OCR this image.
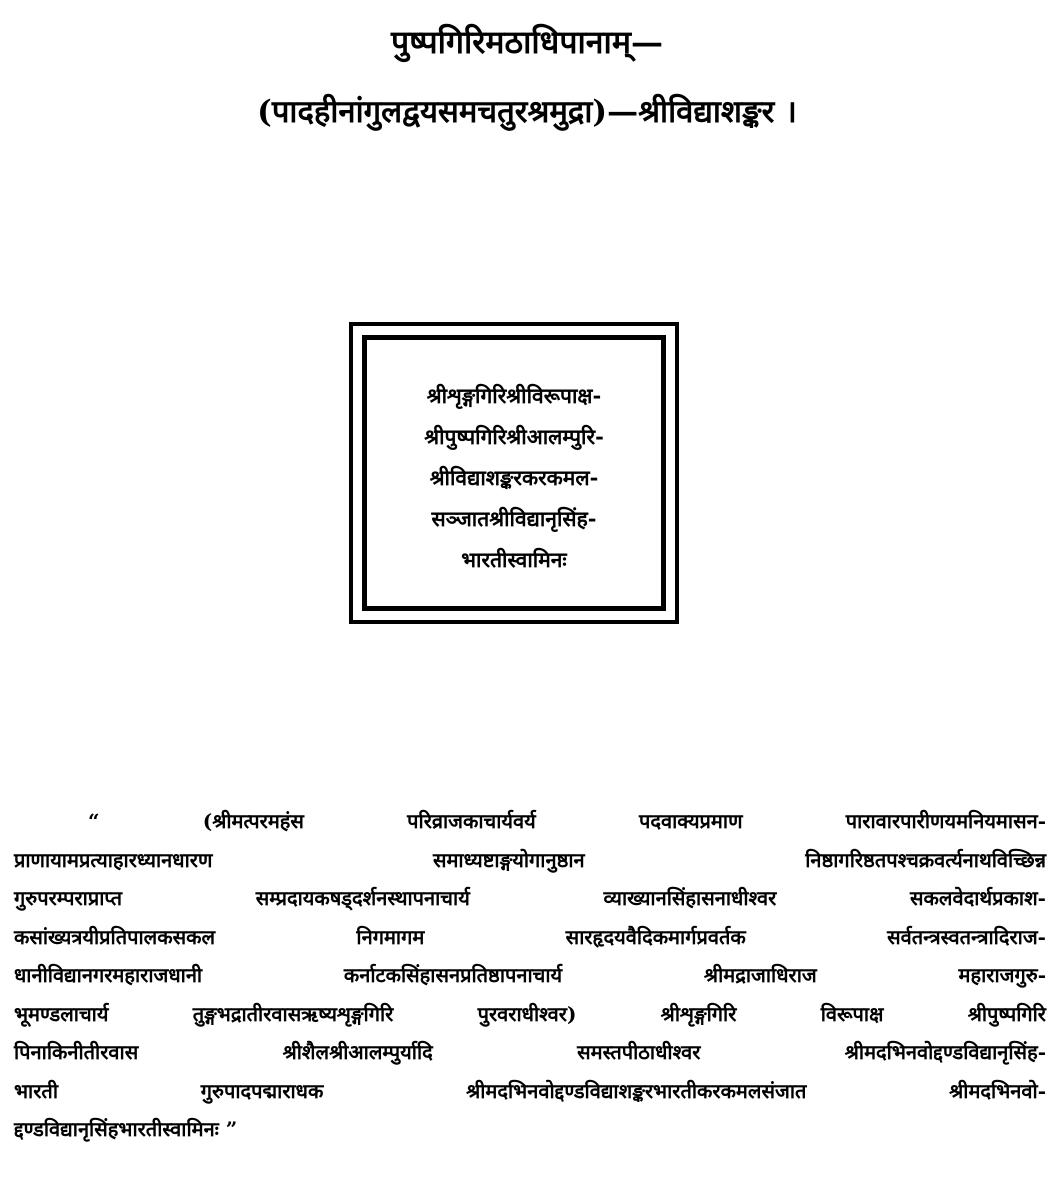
पुष्पगिरिमठाधिपानाम्—
(पादहीनांगुलद्वयसमचतुरश्रमुद्रा)—श्रीविद्याशङ्कर ।
श्रीशृङ्गगिरिश्रीविरूपाक्ष-
श्रीपुष्पगिरिश्रीआलम्पुरि-
श्रीविद्याशङ्करकरकमल-
सञ्जातश्रीविद्यानृसिंह-
भारतीस्वामिनः
“ (श्रीमत्परमहंस परिव्राजकाचार्यवर्य पदवाक्यप्रमाण पारावारपारीणयमनियमासन-
प्राणायामप्रत्याहारध्यानधारण समाध्यष्टाङ्गयोगानुष्ठान निष्ठागरिष्ठतपश्चक्रवर्त्यनाथविच्छिन्न
गुरुपरम्पराप्राप्त सम्प्रदायकषड्दर्शनस्थापनाचार्य व्याख्यानसिंहासनाधीश्वर सकलवेदार्थप्रकाश-
कसांख्यत्रयीप्रतिपालकसकल निगमागम सारहृदयवैदिकमार्गप्रवर्तक सर्वतन्त्रस्वतन्त्रादिराज-
धानीविद्यानगरमहाराजधानी कर्नाटकसिंहासनप्रतिष्ठापनाचार्य श्रीमद्राजाधिराज महाराजगुरु-
भूमण्डलाचार्य तुङ्गभद्रातीरवासऋष्यशृङ्गगिरि पुरवराधीश्वर) श्रीशृङ्गगिरि विरूपाक्ष श्रीपुष्पगिरि
पिनाकिनीतीरवास श्रीशैलश्रीआलम्पुर्यादि समस्तपीठाधीश्वर श्रीमदभिनवोद्दण्डविद्यानृसिंह-
भारती गुरुपादपद्माराधक श्रीमदभिनवोद्दण्डविद्याशङ्करभारतीकरकमलसंजात श्रीमदभिनवो-
द्दण्डविद्यानृसिंहभारतीस्वामिनः ”
